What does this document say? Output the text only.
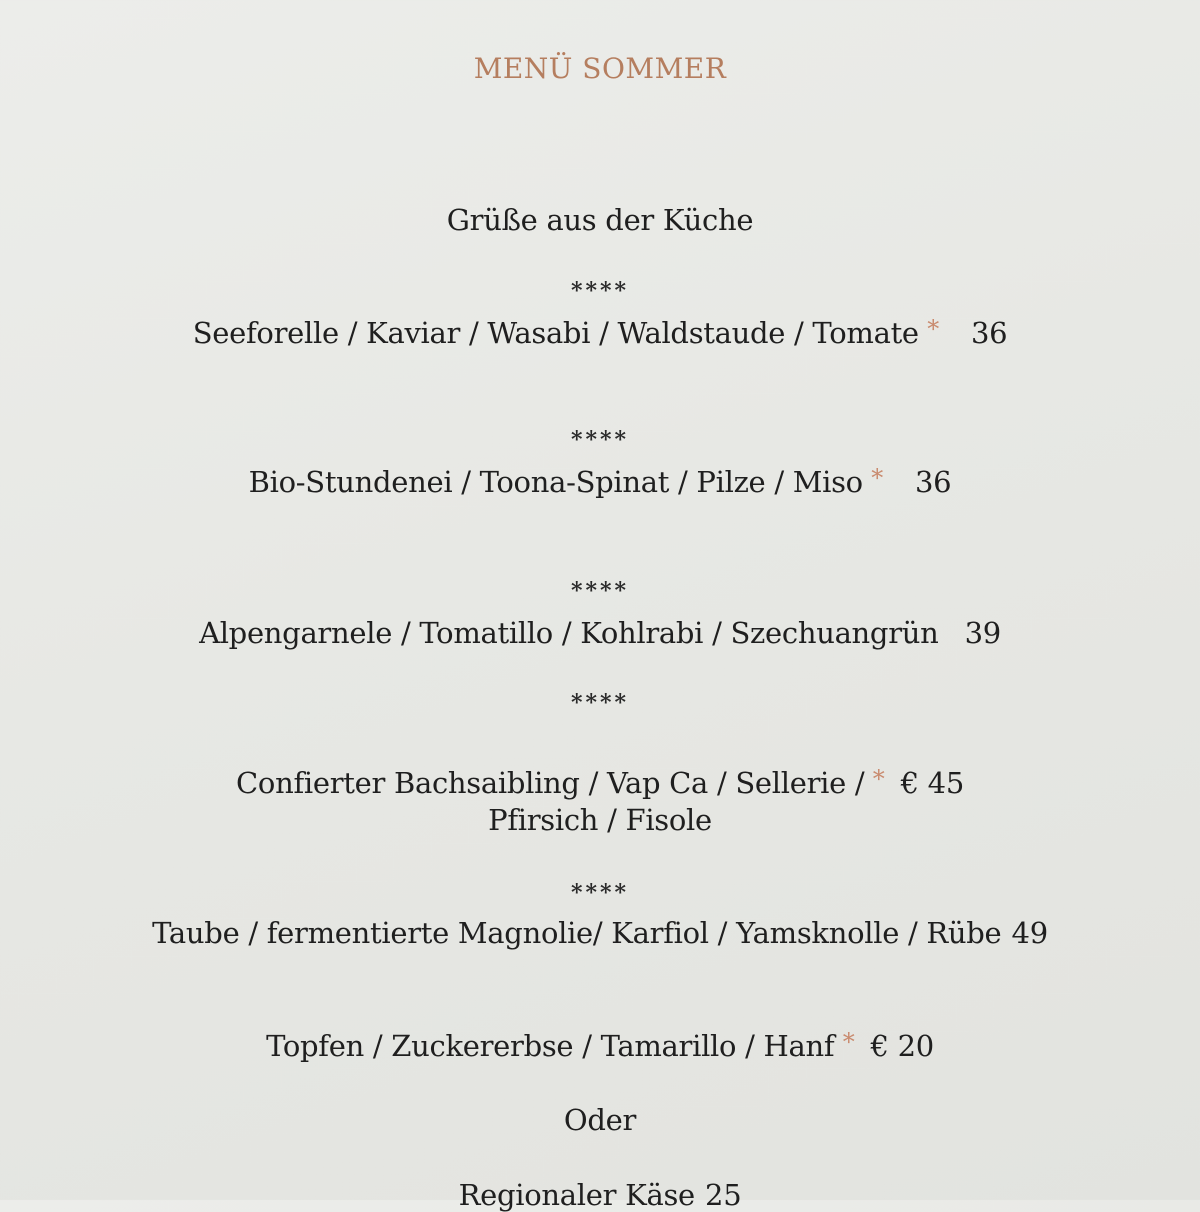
MENÜ SOMMER
Grüße aus der Küche
****
Seeforelle / Kaviar / Wasabi / Waldstaude / Tomate * 36
****
Bio-Stundenei / Toona-Spinat / Pilze / Miso * 36
****
Alpengarnele / Tomatillo / Kohlrabi / Szechuangrün 39
****
Confierter Bachsaibling / Vap Ca / Sellerie / * € 45
Pfirsich / Fisole
****
Taube / fermentierte Magnolie/ Karfiol / Yamsknolle / Rübe 49
Topfen / Zuckererbse / Tamarillo / Hanf * € 20
Oder
Regionaler Käse 25
